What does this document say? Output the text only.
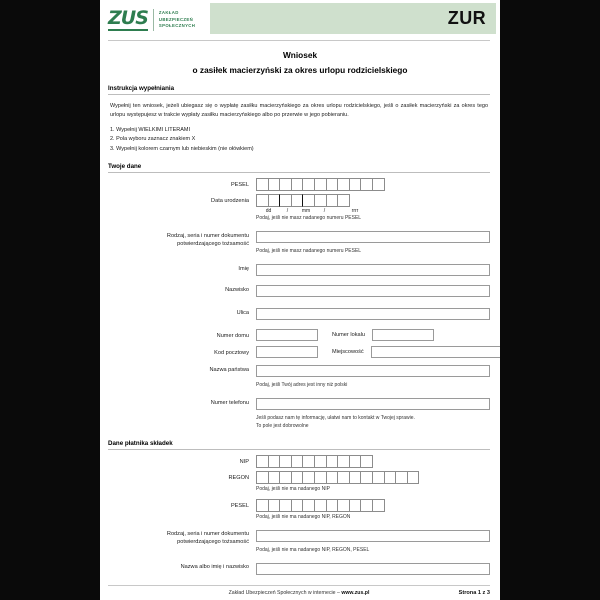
ZUS	ZAKŁAD
UBEZPIECZEŃ
SPOŁECZNYCH	ZUR
Wniosek
o zasiłek macierzyński za okres urlopu rodzicielskiego
Instrukcja wypełniania
Wypełnij ten wniosek, jeżeli ubiegasz się o wypłatę zasiłku macierzyńskiego za okres urlopu rodzicielskiego, jeśli o zasiłek macierzyński za okres tego urlopu występujesz w trakcie wypłaty zasiłku macierzyńskiego albo po przerwie w jego pobieraniu.
1. Wypełnij WIELKIMI LITERAMI
2. Pola wyboru zaznacz znakiem X
3. Wypełnij kolorem czarnym lub niebieskim (nie ołówkiem)
Twoje dane
PESEL
Data urodzenia
dd	/	mm	/	rrrr
Podaj, jeśli nie masz nadanego numeru PESEL
Rodzaj, seria i numer dokumentu
potwierdzającego tożsamość
Podaj, jeśli nie masz nadanego numeru PESEL
Imię
Nazwisko
Ulica
Numer domu	Numer lokalu
Kod pocztowy	Miejscowość
Nazwa państwa
Podaj, jeśli Twój adres jest inny niż polski
Numer telefonu
Jeśli podasz nam tę informację, ułatwi nam to kontakt w Twojej sprawie.
To pole jest dobrowolne
Dane płatnika składek
NIP
REGON
Podaj, jeśli nie ma nadanego NIP
PESEL
Podaj, jeśli nie ma nadanego NIP, REGON
Rodzaj, seria i numer dokumentu
potwierdzającego tożsamość
Podaj, jeśli nie ma nadanego NIP, REGON, PESEL
Nazwa albo imię i nazwisko
Zakład Ubezpieczeń Społecznych w internecie – www.zus.pl	Strona 1 z 3
